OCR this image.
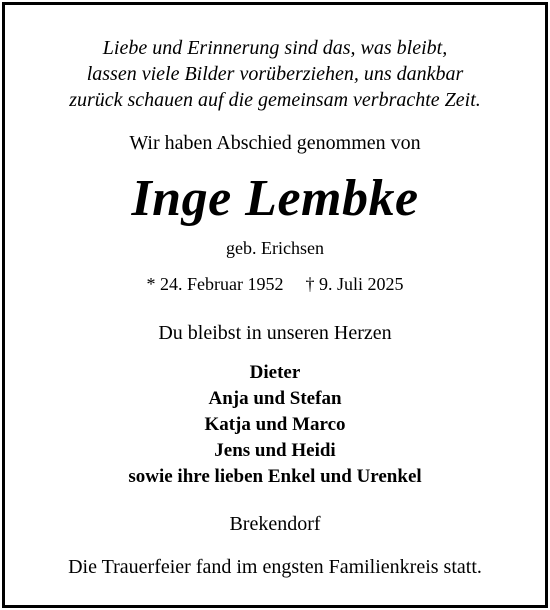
Liebe und Erinnerung sind das, was bleibt,
lassen viele Bilder vorüberziehen, uns dankbar
zurück schauen auf die gemeinsam verbrachte Zeit.
Wir haben Abschied genommen von
Inge Lembke
geb. Erichsen
* 24. Februar 1952 † 9. Juli 2025
Du bleibst in unseren Herzen
Dieter
Anja und Stefan
Katja und Marco
Jens und Heidi
sowie ihre lieben Enkel und Urenkel
Brekendorf
Die Trauerfeier fand im engsten Familienkreis statt.
